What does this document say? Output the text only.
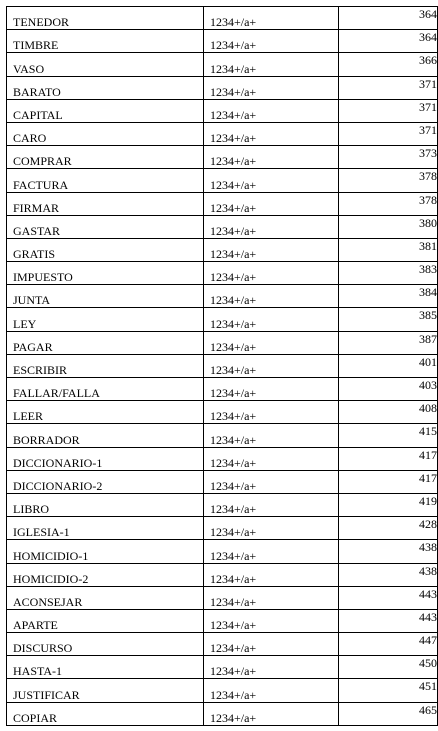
TENEDOR	1234+/a+	364
TIMBRE	1234+/a+	364
VASO	1234+/a+	366
BARATO	1234+/a+	371
CAPITAL	1234+/a+	371
CARO	1234+/a+	371
COMPRAR	1234+/a+	373
FACTURA	1234+/a+	378
FIRMAR	1234+/a+	378
GASTAR	1234+/a+	380
GRATIS	1234+/a+	381
IMPUESTO	1234+/a+	383
JUNTA	1234+/a+	384
LEY	1234+/a+	385
PAGAR	1234+/a+	387
ESCRIBIR	1234+/a+	401
FALLAR/FALLA	1234+/a+	403
LEER	1234+/a+	408
BORRADOR	1234+/a+	415
DICCIONARIO-1	1234+/a+	417
DICCIONARIO-2	1234+/a+	417
LIBRO	1234+/a+	419
IGLESIA-1	1234+/a+	428
HOMICIDIO-1	1234+/a+	438
HOMICIDIO-2	1234+/a+	438
ACONSEJAR	1234+/a+	443
APARTE	1234+/a+	443
DISCURSO	1234+/a+	447
HASTA-1	1234+/a+	450
JUSTIFICAR	1234+/a+	451
COPIAR	1234+/a+	465
